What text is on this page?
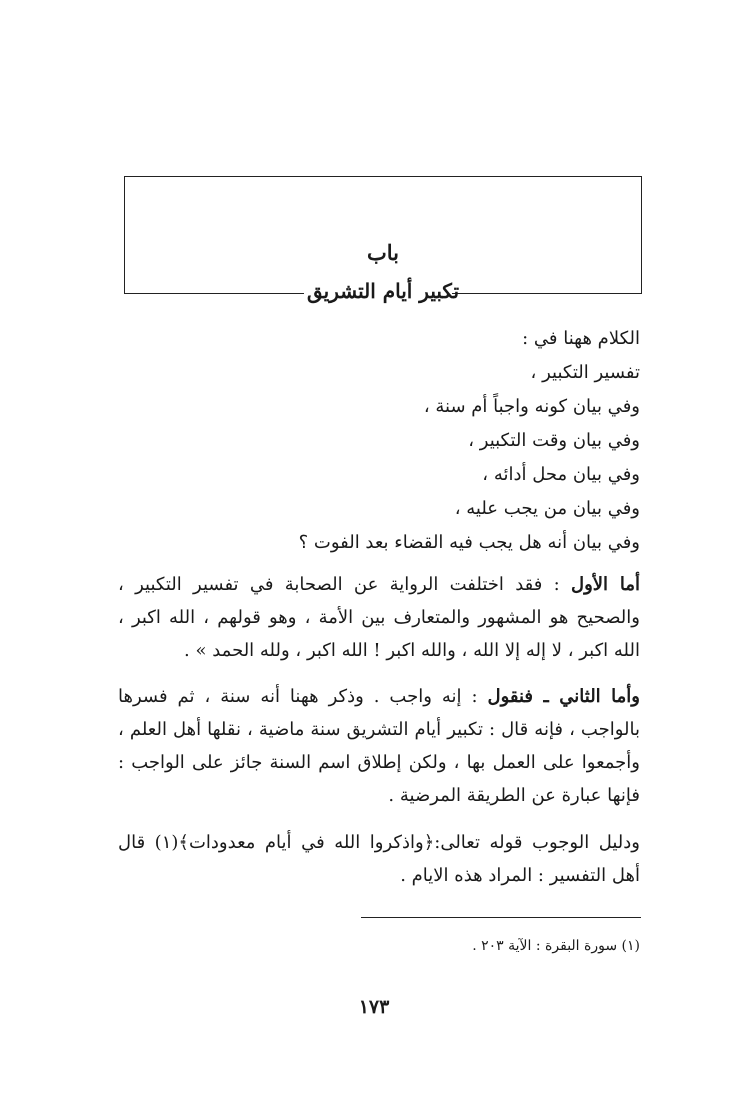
باب
تكبير أيام التشريق
الكلام ههنا في :
تفسير التكبير ،
وفي بيان كونه واجباً أم سنة ،
وفي بيان وقت التكبير ،
وفي بيان محل أدائه ،
وفي بيان من يجب عليه ،
وفي بيان أنه هل يجب فيه القضاء بعد الفوت ؟
أما الأول : فقد اختلفت الرواية عن الصحابة في تفسير التكبير ، والصحيح هو المشهور والمتعارف بين الأمة ، وهو قولهم ، الله اكبر ، الله اكبر ، لا إله إلا الله ، والله اكبر ! الله اكبر ، ولله الحمد » .
وأما الثاني ـ فنقول : إنه واجب . وذكر ههنا أنه سنة ، ثم فسرها بالواجب ، فإنه قال : تكبير أيام التشريق سنة ماضية ، نقلها أهل العلم ، وأجمعوا على العمل بها ، ولكن إطلاق اسم السنة جائز على الواجب : فإنها عبارة عن الطريقة المرضية .
ودليل الوجوب قوله تعالى:﴿واذكروا الله في أيام معدودات﴾(١) قال أهل التفسير : المراد هذه الايام .
(١) سورة البقرة : الآية ٢٠٣ .
١٧٣
